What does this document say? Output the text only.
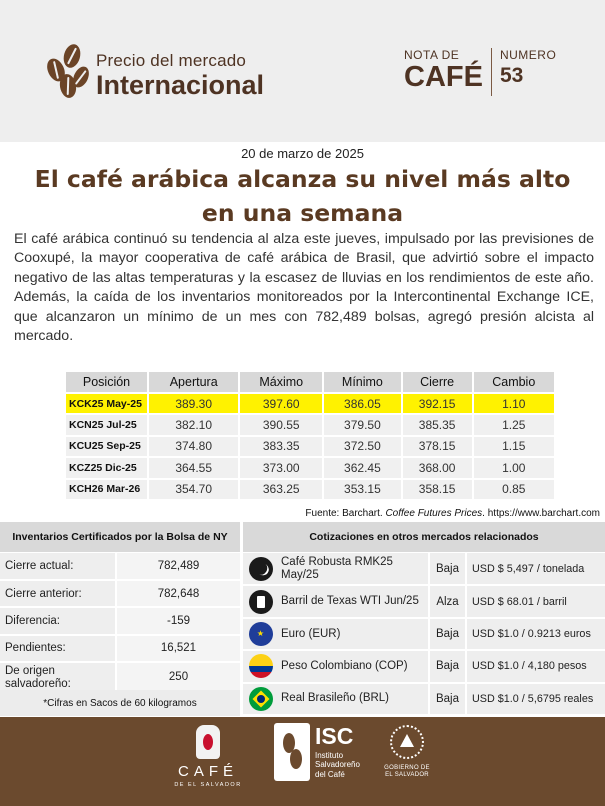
Precio del mercado
Internacional
NOTA DE
CAFÉ
NUMERO
53
20 de marzo de 2025
El café arábica alcanza su nivel más alto en una semana
El café arábica continuó su tendencia al alza este jueves, impulsado por las previsiones de Cooxupé, la mayor cooperativa de café arábica de Brasil, que advirtió sobre el impacto negativo de las altas temperaturas y la escasez de lluvias en los rendimientos de este año. Además, la caída de los inventarios monitoreados por la Intercontinental Exchange ICE, que alcanzaron un mínimo de un mes con 782,489 bolsas, agregó presión alcista al mercado.
Posición	Apertura	Máximo	Mínimo	Cierre	Cambio
KCK25 May-25	389.30	397.60	386.05	392.15	1.10
KCN25 Jul-25	382.10	390.55	379.50	385.35	1.25
KCU25 Sep-25	374.80	383.35	372.50	378.15	1.15
KCZ25 Dic-25	364.55	373.00	362.45	368.00	1.00
KCH26 Mar-26	354.70	363.25	353.15	358.15	0.85
Fuente: Barchart. Coffee Futures Prices. https://www.barchart.com
Inventarios Certificados por la Bolsa de NY
Cierre actual:	782,489
Cierre anterior:	782,648
Diferencia:	-159
Pendientes:	16,521
De origen salvadoreño:	250
*Cifras en Sacos de 60 kilogramos
Cotizaciones en otros mercados relacionados
	Café Robusta RMK25 May/25	Baja	USD $ 5,497 / tonelada
	Barril de Texas WTI Jun/25	Alza	USD $ 68.01 / barril
★	Euro (EUR)	Baja	USD $1.0 / 0.9213 euros
	Peso Colombiano (COP)	Baja	USD $1.0 / 4,180 pesos
	Real Brasileño (BRL)	Baja	USD $1.0 / 5,6795 reales
CAFÉ
DE EL SALVADOR
ISC
Instituto
Salvadoreño
del Café
GOBIERNO DE
EL SALVADOR
